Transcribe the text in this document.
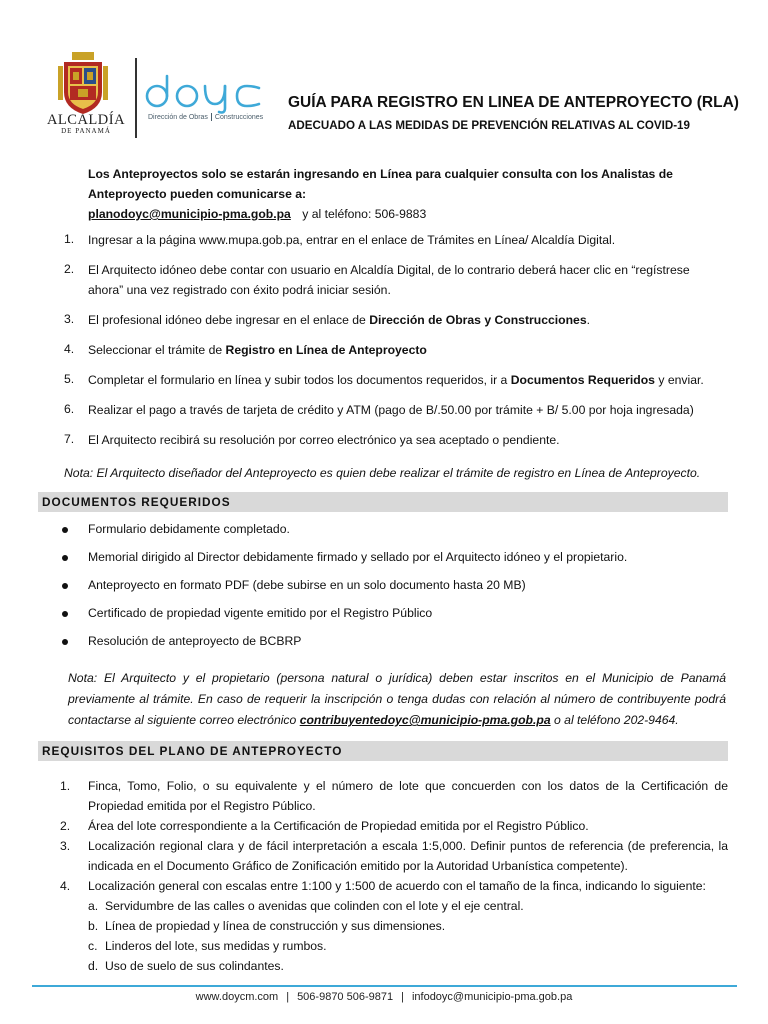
ALCALDÍA
DE PANAMÁ
Dirección de Obras Construcciones
GUÍA PARA REGISTRO EN LINEA DE ANTEPROYECTO (RLA)
ADECUADO A LAS MEDIDAS DE PREVENCIÓN RELATIVAS AL COVID-19
Los Anteproyectos solo se estarán ingresando en Línea para cualquier consulta con los Analistas de
Anteproyecto pueden comunicarse a:
planodoyc@municipio-pma.gob.pa y al teléfono: 506-9883
1.	Ingresar a la página www.mupa.gob.pa, entrar en el enlace de Trámites en Línea/ Alcaldía Digital.
2.	El Arquitecto idóneo debe contar con usuario en Alcaldía Digital, de lo contrario deberá hacer clic en “regístrese ahora” una vez registrado con éxito podrá iniciar sesión.
3.	El profesional idóneo debe ingresar en el enlace de Dirección de Obras y Construcciones.
4.	Seleccionar el trámite de Registro en Línea de Anteproyecto
5.	Completar el formulario en línea y subir todos los documentos requeridos, ir a Documentos Requeridos y enviar.
6.	Realizar el pago a través de tarjeta de crédito y ATM (pago de B/.50.00 por trámite + B/ 5.00 por hoja ingresada)
7.	El Arquitecto recibirá su resolución por correo electrónico ya sea aceptado o pendiente.
Nota: El Arquitecto diseñador del Anteproyecto es quien debe realizar el trámite de registro en Línea de Anteproyecto.
DOCUMENTOS REQUERIDOS
Formulario debidamente completado.
Memorial dirigido al Director debidamente firmado y sellado por el Arquitecto idóneo y el propietario.
Anteproyecto en formato PDF (debe subirse en un solo documento hasta 20 MB)
Certificado de propiedad vigente emitido por el Registro Público
Resolución de anteproyecto de BCBRP
Nota: El Arquitecto y el propietario (persona natural o jurídica) deben estar inscritos en el Municipio de Panamá previamente al trámite. En caso de requerir la inscripción o tenga dudas con relación al número de contribuyente podrá contactarse al siguiente correo electrónico contribuyentedoyc@municipio-pma.gob.pa o al teléfono 202-9464.
REQUISITOS DEL PLANO DE ANTEPROYECTO
1.	Finca, Tomo, Folio, o su equivalente y el número de lote que concuerden con los datos de la Certificación de Propiedad emitida por el Registro Público.
2.	Área del lote correspondiente a la Certificación de Propiedad emitida por el Registro Público.
3.	Localización regional clara y de fácil interpretación a escala 1:5,000. Definir puntos de referencia (de preferencia, la indicada en el Documento Gráfico de Zonificación emitido por la Autoridad Urbanística competente).
4.	Localización general con escalas entre 1:100 y 1:500 de acuerdo con el tamaño de la finca, indicando lo siguiente:
a. Servidumbre de las calles o avenidas que colinden con el lote y el eje central.
b. Línea de propiedad y línea de construcción y sus dimensiones.
c. Linderos del lote, sus medidas y rumbos.
d. Uso de suelo de sus colindantes.
www.doycm.com | 506-9870 506-9871 | infodoyc@municipio-pma.gob.pa
